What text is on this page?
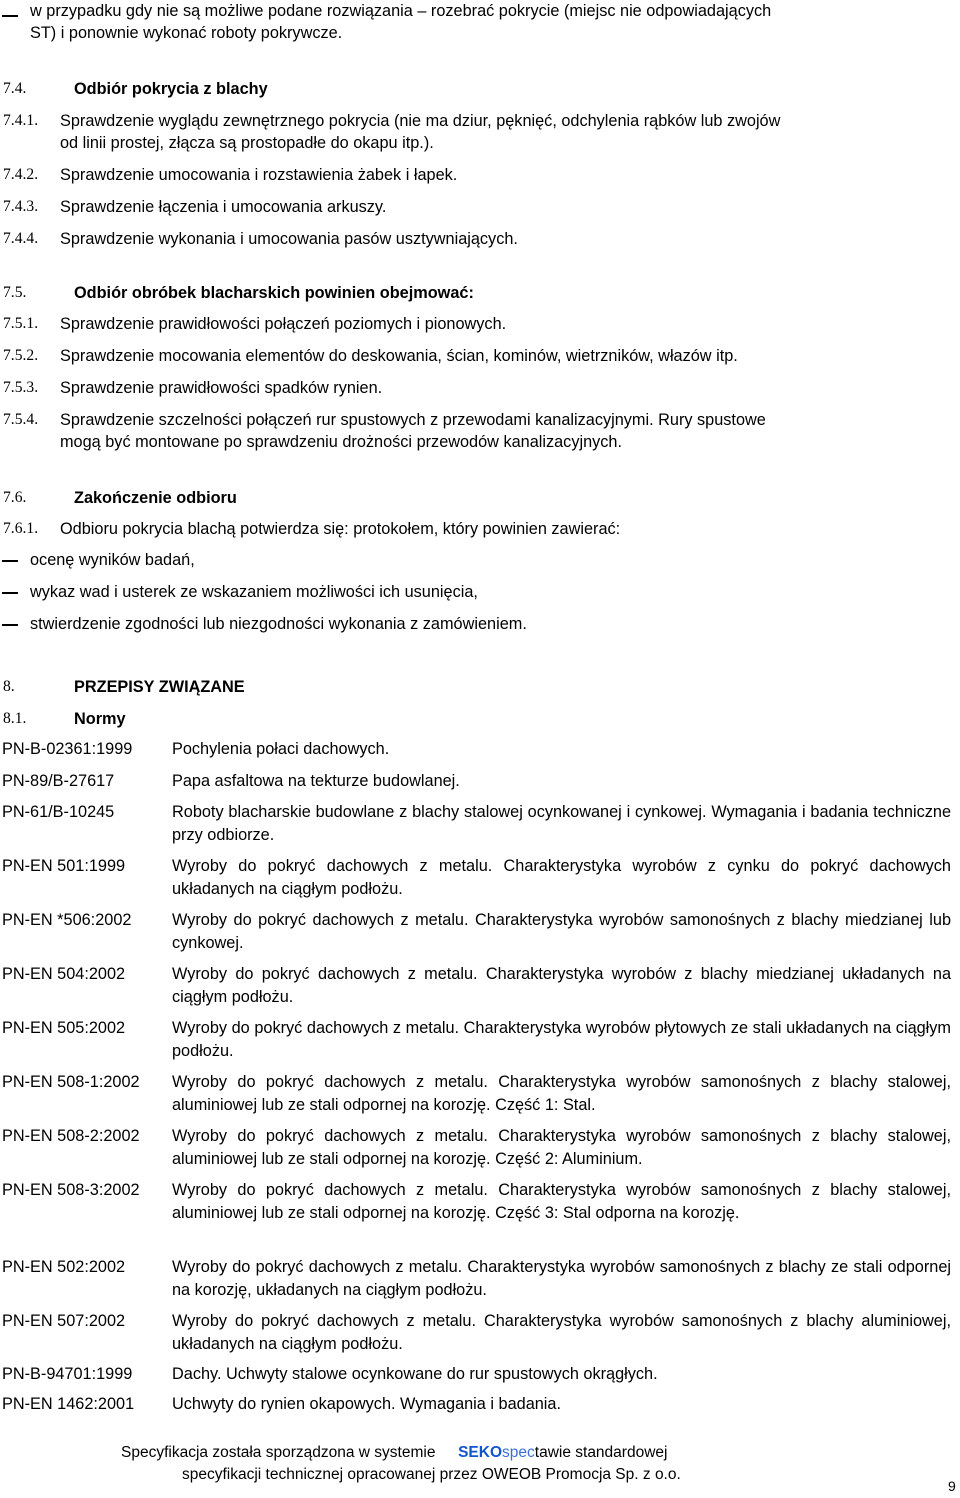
w przypadku gdy nie są możliwe podane rozwiązania – rozebrać pokrycie (miejsc nie odpowiadających
ST) i ponownie wykonać roboty pokrywcze.
7.4.	Odbiór pokrycia z blachy
7.4.1. Sprawdzenie wyglądu zewnętrznego pokrycia (nie ma dziur, pęknięć, odchylenia rąbków lub zwojów
od linii prostej, złącza są prostopadłe do okapu itp.).
7.4.2. Sprawdzenie umocowania i rozstawienia żabek i łapek.
7.4.3. Sprawdzenie łączenia i umocowania arkuszy.
7.4.4. Sprawdzenie wykonania i umocowania pasów usztywniających.
7.5.	Odbiór obróbek blacharskich powinien obejmować:
7.5.1. Sprawdzenie prawidłowości połączeń poziomych i pionowych.
7.5.2. Sprawdzenie mocowania elementów do deskowania, ścian, kominów, wietrzników, włazów itp.
7.5.3. Sprawdzenie prawidłowości spadków rynien.
7.5.4. Sprawdzenie szczelności połączeń rur spustowych z przewodami kanalizacyjnymi. Rury spustowe
mogą być montowane po sprawdzeniu drożności przewodów kanalizacyjnych.
7.6.	Zakończenie odbioru
7.6.1. Odbioru pokrycia blachą potwierdza się: protokołem, który powinien zawierać:
ocenę wyników badań,
wykaz wad i usterek ze wskazaniem możliwości ich usunięcia,
stwierdzenie zgodności lub niezgodności wykonania z zamówieniem.
8.	PRZEPISY ZWIĄZANE
8.1.	Normy
PN-B-02361:1999 Pochylenia połaci dachowych.
PN-89/B-27617	Papa asfaltowa na tekturze budowlanej.
PN-61/B-10245	Roboty blacharskie budowlane z blachy stalowej ocynkowanej i cynkowej. Wymagania i badania techniczne przy odbiorze.
PN-EN 501:1999	Wyroby do pokryć dachowych z metalu. Charakterystyka wyrobów z cynku do pokryć dachowych układanych na ciągłym podłożu.
PN-EN *506:2002 Wyroby do pokryć dachowych z metalu. Charakterystyka wyrobów samonośnych z blachy miedzianej lub cynkowej.
PN-EN 504:2002	Wyroby do pokryć dachowych z metalu. Charakterystyka wyrobów z blachy miedzianej układanych na ciągłym podłożu.
PN-EN 505:2002	Wyroby do pokryć dachowych z metalu. Charakterystyka wyrobów płytowych ze stali układanych na ciągłym podłożu.
PN-EN 508-1:2002 Wyroby do pokryć dachowych z metalu. Charakterystyka wyrobów samonośnych z blachy stalowej, aluminiowej lub ze stali odpornej na korozję. Część 1: Stal.
PN-EN 508-2:2002 Wyroby do pokryć dachowych z metalu. Charakterystyka wyrobów samonośnych z blachy stalowej, aluminiowej lub ze stali odpornej na korozję. Część 2: Aluminium.
PN-EN 508-3:2002 Wyroby do pokryć dachowych z metalu. Charakterystyka wyrobów samonośnych z blachy stalowej, aluminiowej lub ze stali odpornej na korozję. Część 3: Stal odporna na korozję.
PN-EN 502:2002	Wyroby do pokryć dachowych z metalu. Charakterystyka wyrobów samonośnych z blachy ze stali odpornej na korozję, układanych na ciągłym podłożu.
PN-EN 507:2002	Wyroby do pokryć dachowych z metalu. Charakterystyka wyrobów samonośnych z blachy aluminiowej, układanych na ciągłym podłożu.
PN-B-94701:1999 Dachy. Uchwyty stalowe ocynkowane do rur spustowych okrągłych.
PN-EN 1462:2001 Uchwyty do rynien okapowych. Wymagania i badania.
Specyfikacja została sporządzona w systemie SEKOspectawie standardowej
specyfikacji technicznej opracowanej przez OWEOB Promocja Sp. z o.o.
9
